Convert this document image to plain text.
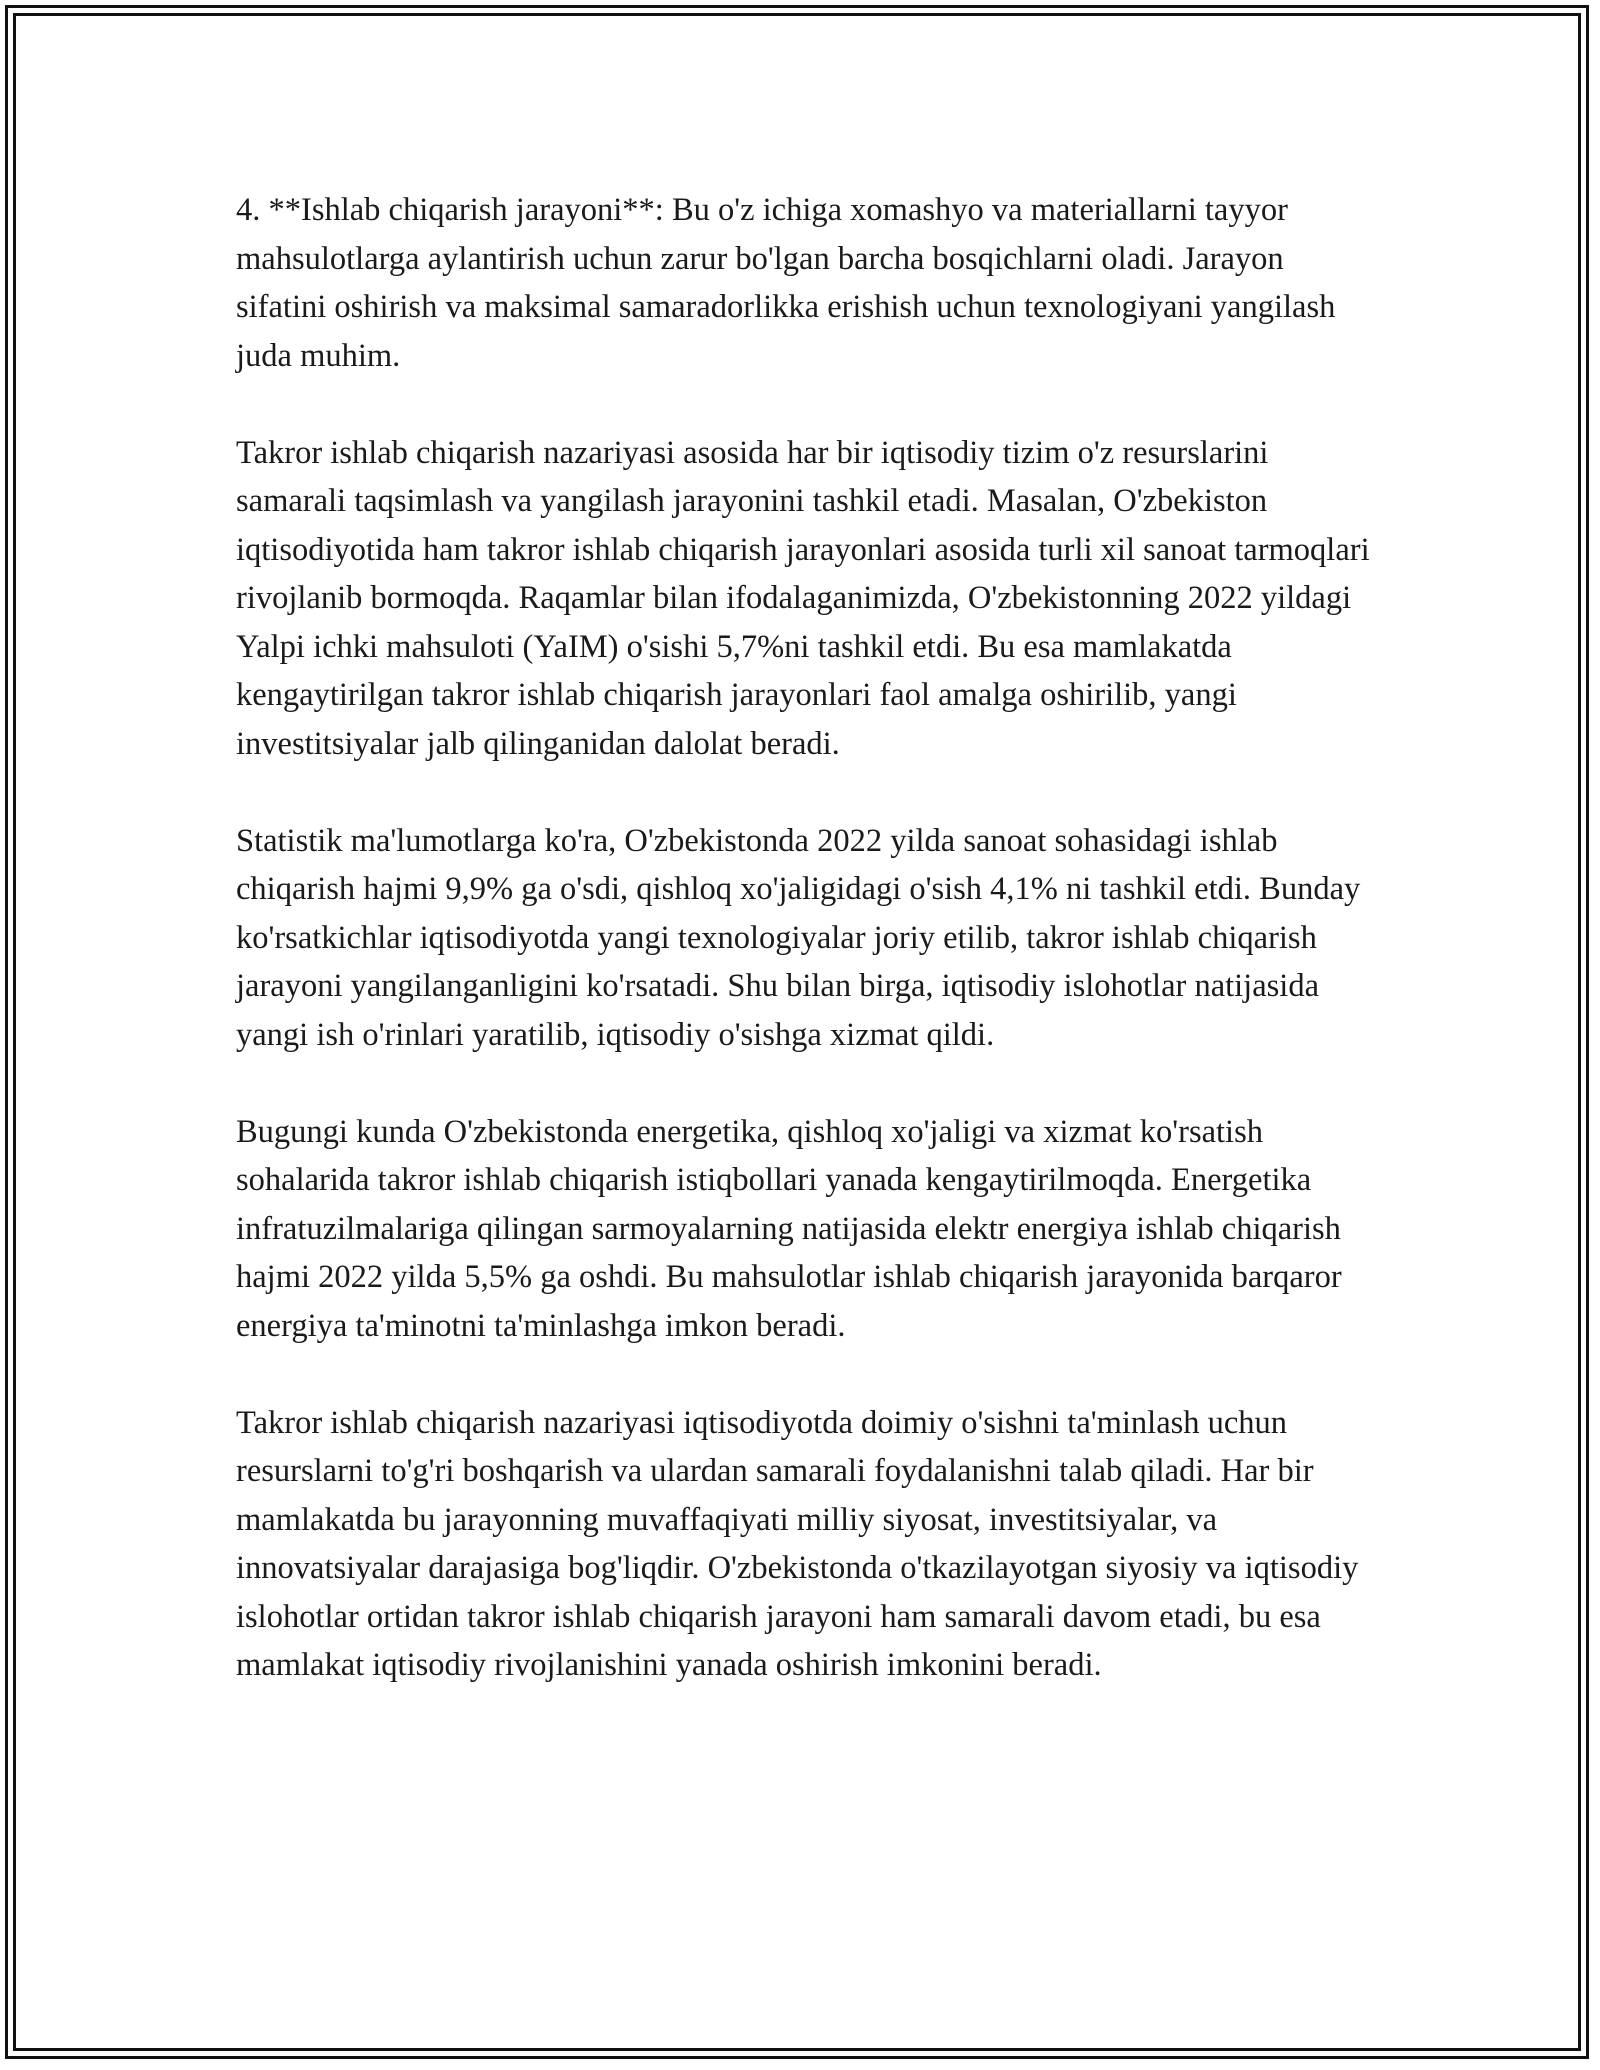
4. **Ishlab chiqarish jarayoni**: Bu o'z ichiga xomashyo va materiallarni tayyor mahsulotlarga aylantirish uchun zarur bo'lgan barcha bosqichlarni oladi. Jarayon sifatini oshirish va maksimal samaradorlikka erishish uchun texnologiyani yangilash juda muhim.

Takror ishlab chiqarish nazariyasi asosida har bir iqtisodiy tizim o'z resurslarini samarali taqsimlash va yangilash jarayonini tashkil etadi. Masalan, O'zbekiston iqtisodiyotida ham takror ishlab chiqarish jarayonlari asosida turli xil sanoat tarmoqlari rivojlanib bormoqda. Raqamlar bilan ifodalaganimizda, O'zbekistonning 2022 yildagi Yalpi ichki mahsuloti (YaIM) o'sishi 5,7%ni tashkil etdi. Bu esa mamlakatda kengaytirilgan takror ishlab chiqarish jarayonlari faol amalga oshirilib, yangi investitsiyalar jalb qilinganidan dalolat beradi.

Statistik ma'lumotlarga ko'ra, O'zbekistonda 2022 yilda sanoat sohasidagi ishlab chiqarish hajmi 9,9% ga o'sdi, qishloq xo'jaligidagi o'sish 4,1% ni tashkil etdi. Bunday ko'rsatkichlar iqtisodiyotda yangi texnologiyalar joriy etilib, takror ishlab chiqarish jarayoni yangilanganligini ko'rsatadi. Shu bilan birga, iqtisodiy islohotlar natijasida yangi ish o'rinlari yaratilib, iqtisodiy o'sishga xizmat qildi.

Bugungi kunda O'zbekistonda energetika, qishloq xo'jaligi va xizmat ko'rsatish sohalarida takror ishlab chiqarish istiqbollari yanada kengaytirilmoqda. Energetika infratuzilmalariga qilingan sarmoyalarning natijasida elektr energiya ishlab chiqarish hajmi 2022 yilda 5,5% ga oshdi. Bu mahsulotlar ishlab chiqarish jarayonida barqaror energiya ta'minotni ta'minlashga imkon beradi.

Takror ishlab chiqarish nazariyasi iqtisodiyotda doimiy o'sishni ta'minlash uchun resurslarni to'g'ri boshqarish va ulardan samarali foydalanishni talab qiladi. Har bir mamlakatda bu jarayonning muvaffaqiyati milliy siyosat, investitsiyalar, va innovatsiyalar darajasiga bog'liqdir. O'zbekistonda o'tkazilayotgan siyosiy va iqtisodiy islohotlar ortidan takror ishlab chiqarish jarayoni ham samarali davom etadi, bu esa mamlakat iqtisodiy rivojlanishini yanada oshirish imkonini beradi.
